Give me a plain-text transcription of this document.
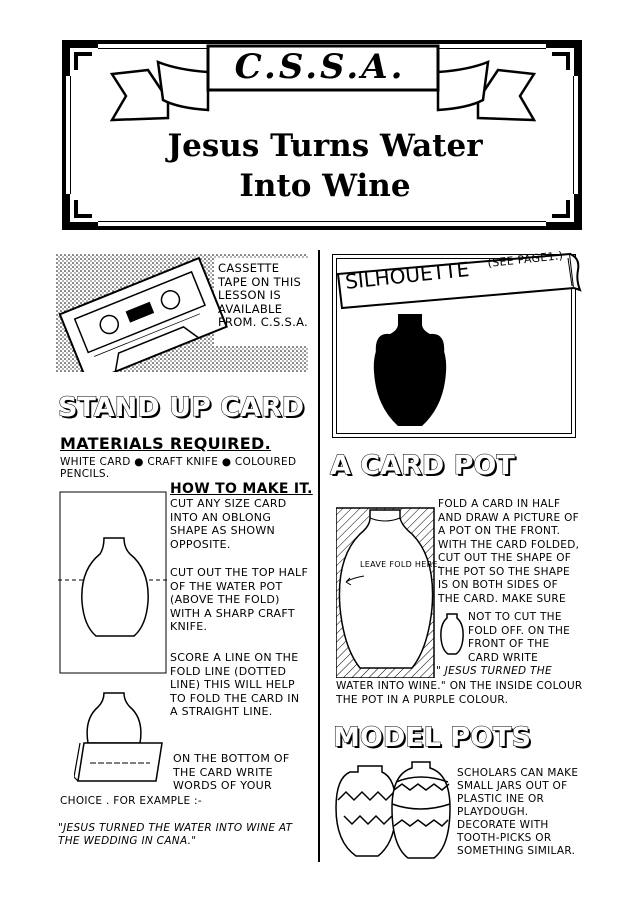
C.S.S.A.
Jesus Turns Water
Into Wine
CASSETTE TAPE ON THIS LESSON IS AVAILABLE FROM. C.S.S.A.
STAND UP CARD
MATERIALS REQUIRED.
WHITE CARD ● CRAFT KNIFE ● COLOURED PENCILS.
HOW TO MAKE IT.
CUT ANY SIZE CARD INTO AN OBLONG SHAPE AS SHOWN OPPOSITE.
CUT OUT THE TOP HALF OF THE WATER POT (ABOVE THE FOLD) WITH A SHARP CRAFT KNIFE.
SCORE A LINE ON THE FOLD LINE (DOTTED LINE) THIS WILL HELP TO FOLD THE CARD IN A STRAIGHT LINE.
ON THE BOTTOM OF THE CARD WRITE WORDS OF YOUR
CHOICE . FOR EXAMPLE :-
"JESUS TURNED THE WATER INTO WINE AT THE WEDDING IN CANA."
SILHOUETTE (SEE PAGE1.)
A CARD POT
LEAVE FOLD HERE.
FOLD A CARD IN HALF AND DRAW A PICTURE OF A POT ON THE FRONT. WITH THE CARD FOLDED, CUT OUT THE SHAPE OF THE POT SO THE SHAPE IS ON BOTH SIDES OF THE CARD. MAKE SURE
NOT TO CUT THE FOLD OFF. ON THE FRONT OF THE CARD WRITE
" JESUS TURNED THE
WATER INTO WINE." ON THE INSIDE COLOUR THE POT IN A PURPLE COLOUR.
MODEL POTS
SCHOLARS CAN MAKE SMALL JARS OUT OF PLASTIC INE OR PLAYDOUGH. DECORATE WITH TOOTH-PICKS OR SOMETHING SIMILAR.
